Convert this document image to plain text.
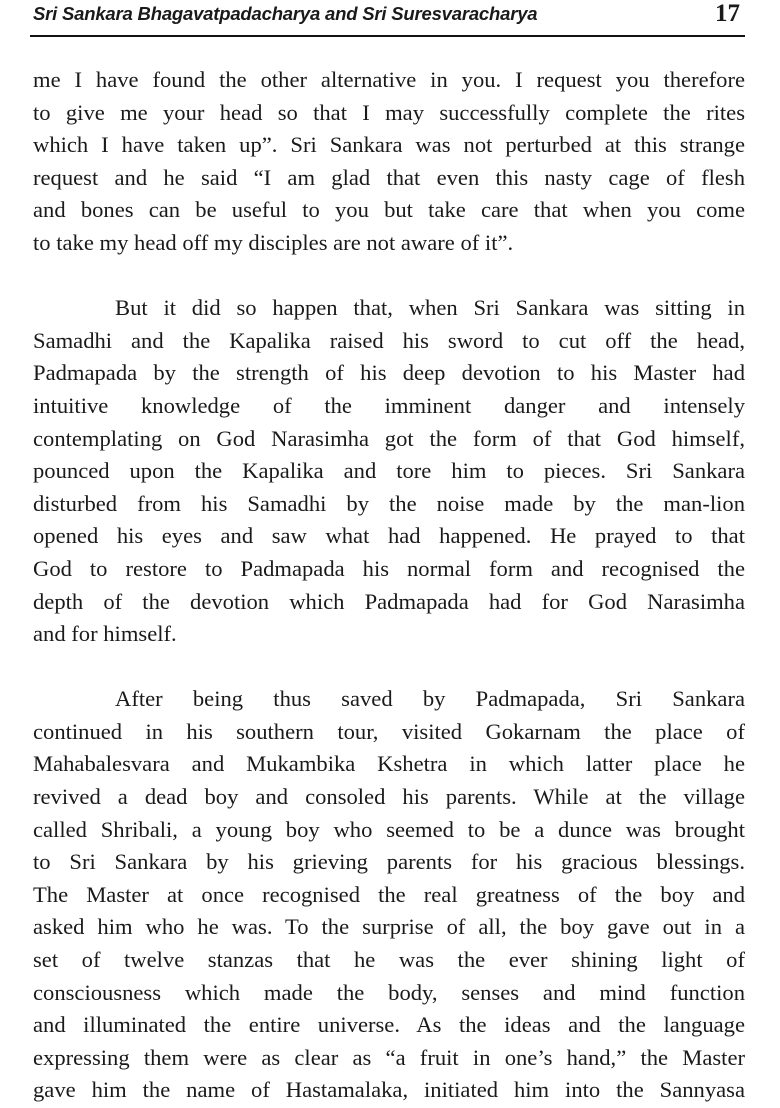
Sri Sankara Bhagavatpadacharya and Sri Suresvaracharya	17
me I have found the other alternative in you. I request you therefore
to give me your head so that I may successfully complete the rites
which I have taken up”. Sri Sankara was not perturbed at this strange
request and he said “I am glad that even this nasty cage of flesh
and bones can be useful to you but take care that when you come
to take my head off my disciples are not aware of it”.
But it did so happen that, when Sri Sankara was sitting in
Samadhi and the Kapalika raised his sword to cut off the head,
Padmapada by the strength of his deep devotion to his Master had
intuitive knowledge of the imminent danger and intensely
contemplating on God Narasimha got the form of that God himself,
pounced upon the Kapalika and tore him to pieces. Sri Sankara
disturbed from his Samadhi by the noise made by the man-lion
opened his eyes and saw what had happened. He prayed to that
God to restore to Padmapada his normal form and recognised the
depth of the devotion which Padmapada had for God Narasimha
and for himself.
After being thus saved by Padmapada, Sri Sankara
continued in his southern tour, visited Gokarnam the place of
Mahabalesvara and Mukambika Kshetra in which latter place he
revived a dead boy and consoled his parents. While at the village
called Shribali, a young boy who seemed to be a dunce was brought
to Sri Sankara by his grieving parents for his gracious blessings.
The Master at once recognised the real greatness of the boy and
asked him who he was. To the surprise of all, the boy gave out in a
set of twelve stanzas that he was the ever shining light of
consciousness which made the body, senses and mind function
and illuminated the entire universe. As the ideas and the language
expressing them were as clear as “a fruit in one’s hand,” the Master
gave him the name of Hastamalaka, initiated him into the Sannyasa
